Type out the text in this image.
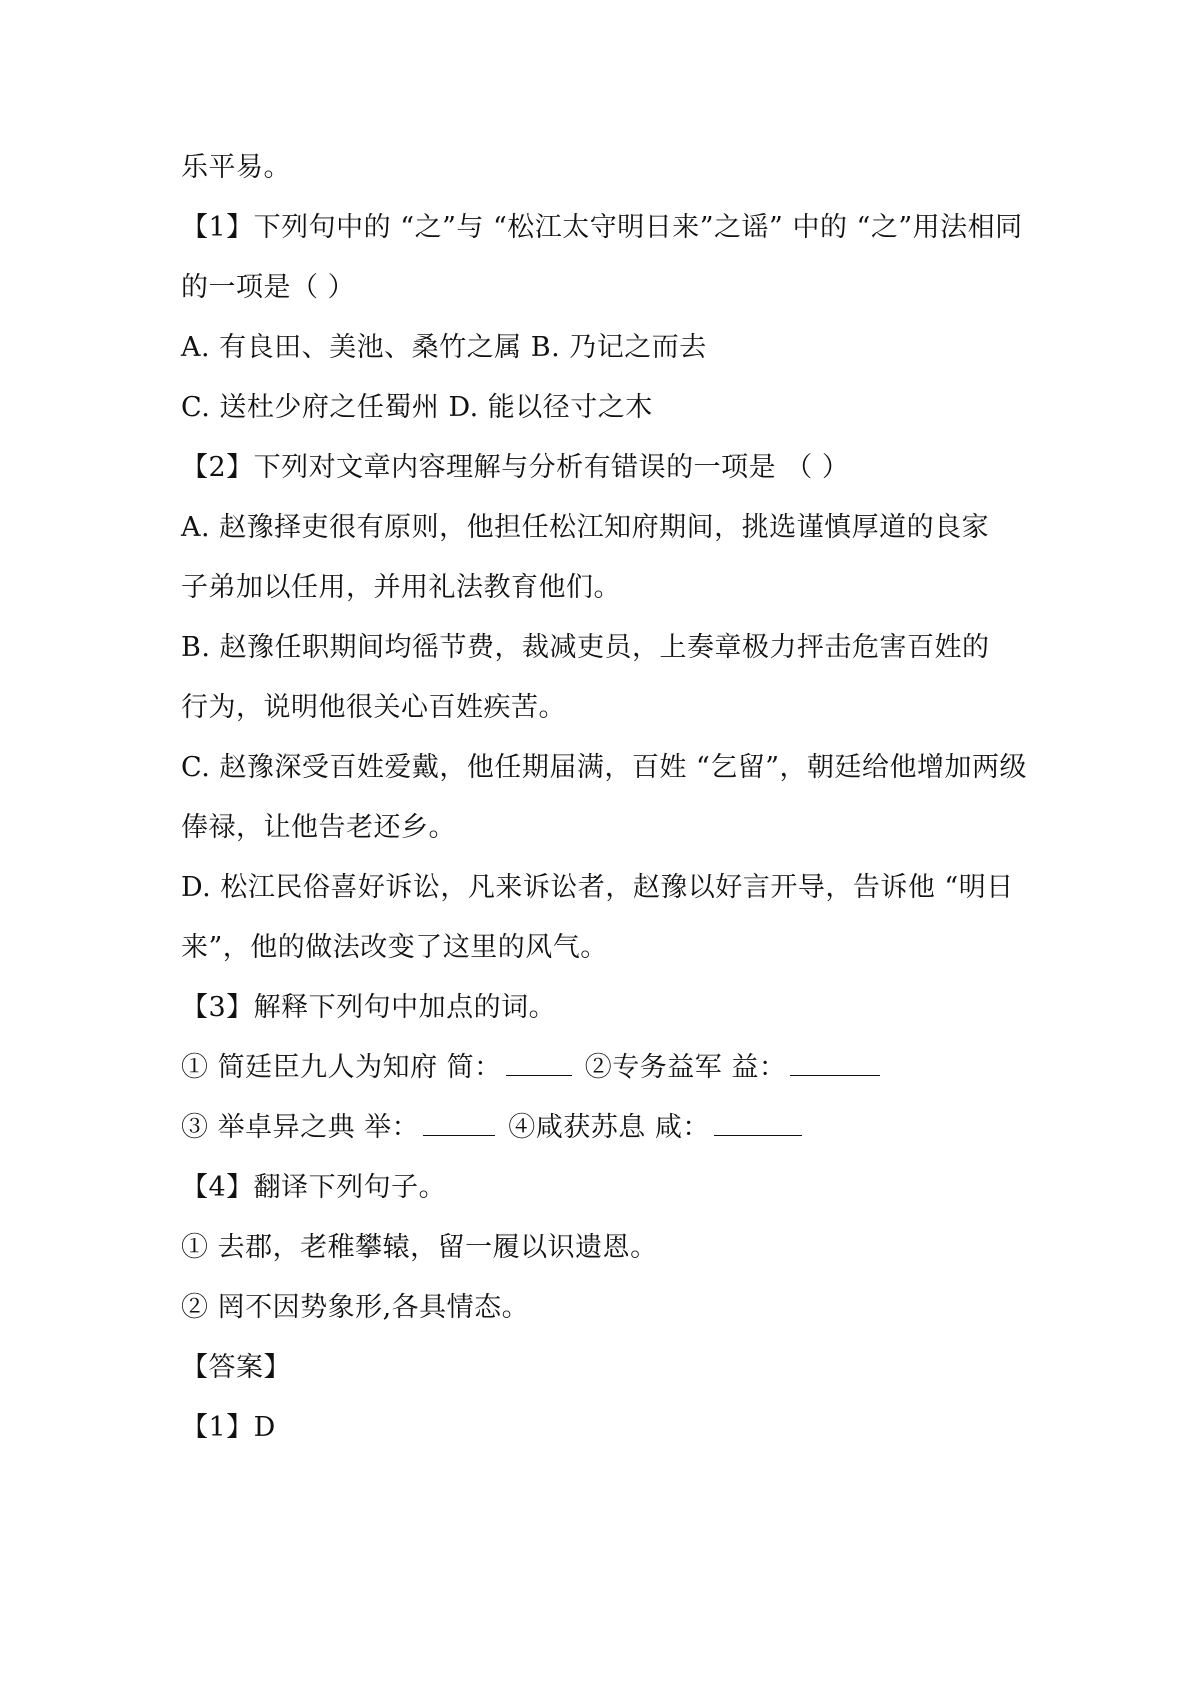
乐平易。
【1】下列句中的 “之”与 “松江太守明日来”之谣” 中的 “之”用法相同
的一项是（ ）
A. 有良田、美池、桑竹之属 B. 乃记之而去
C. 送杜少府之任蜀州 D. 能以径寸之木
【2】下列对文章内容理解与分析有错误的一项是 （ ）
A. 赵豫择吏很有原则，他担任松江知府期间，挑选谨慎厚道的良家
子弟加以任用，并用礼法教育他们。
B. 赵豫任职期间均徭节费，裁减吏员，上奏章极力抨击危害百姓的
行为，说明他很关心百姓疾苦。
C. 赵豫深受百姓爱戴，他任期届满，百姓 “乞留”，朝廷给他增加两级
俸禄，让他告老还乡。
D. 松江民俗喜好诉讼，凡来诉讼者，赵豫以好言开导，告诉他 “明日
来”，他的做法改变了这里的风气。
【3】解释下列句中加点的词。
① 简廷臣九人为知府 简：	②专务益军 益：
③ 举卓异之典 举：	④咸获苏息 咸：
【4】翻译下列句子。
① 去郡，老稚攀辕，留一履以识遗恩。
② 罔不因势象形,各具情态。
【答案】
【1】D
